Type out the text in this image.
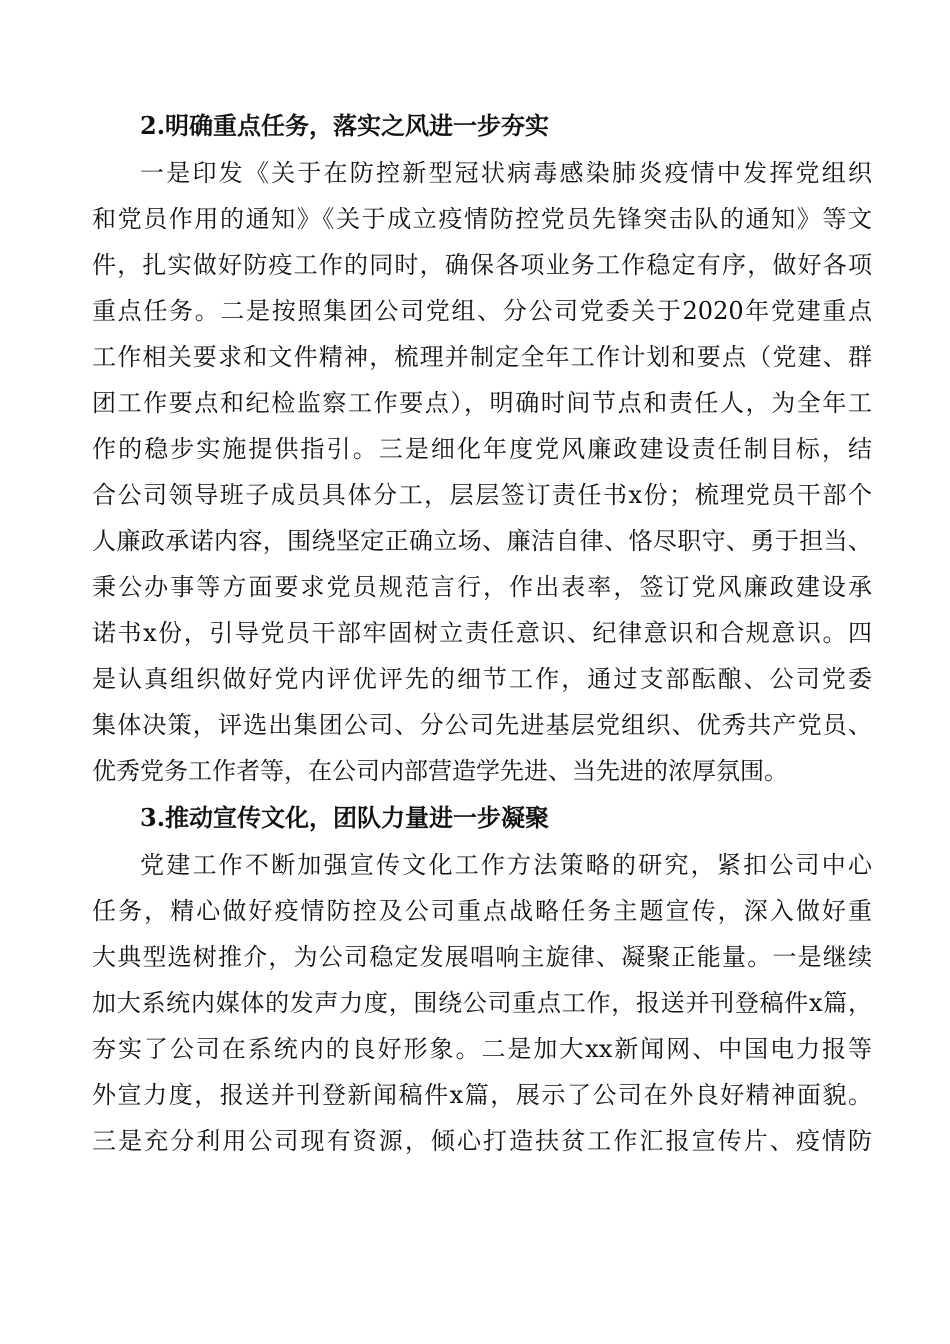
2.明确重点任务，落实之风进一步夯实
一是印发《关于在防控新型冠状病毒感染肺炎疫情中发挥党组织
和党员作用的通知》《关于成立疫情防控党员先锋突击队的通知》等文
件，扎实做好防疫工作的同时，确保各项业务工作稳定有序，做好各项
重点任务。二是按照集团公司党组、分公司党委关于2020年党建重点
工作相关要求和文件精神，梳理并制定全年工作计划和要点（党建、群
团工作要点和纪检监察工作要点），明确时间节点和责任人，为全年工
作的稳步实施提供指引。三是细化年度党风廉政建设责任制目标，结
合公司领导班子成员具体分工，层层签订责任书x份；梳理党员干部个
人廉政承诺内容，围绕坚定正确立场、廉洁自律、恪尽职守、勇于担当、
秉公办事等方面要求党员规范言行，作出表率，签订党风廉政建设承
诺书x份，引导党员干部牢固树立责任意识、纪律意识和合规意识。四
是认真组织做好党内评优评先的细节工作，通过支部酝酿、公司党委
集体决策，评选出集团公司、分公司先进基层党组织、优秀共产党员、
优秀党务工作者等，在公司内部营造学先进、当先进的浓厚氛围。
3.推动宣传文化，团队力量进一步凝聚
党建工作不断加强宣传文化工作方法策略的研究，紧扣公司中心
任务，精心做好疫情防控及公司重点战略任务主题宣传，深入做好重
大典型选树推介，为公司稳定发展唱响主旋律、凝聚正能量。一是继续
加大系统内媒体的发声力度，围绕公司重点工作，报送并刊登稿件x篇，
夯实了公司在系统内的良好形象。二是加大xx新闻网、中国电力报等
外宣力度，报送并刊登新闻稿件x篇，展示了公司在外良好精神面貌。
三是充分利用公司现有资源，倾心打造扶贫工作汇报宣传片、疫情防
